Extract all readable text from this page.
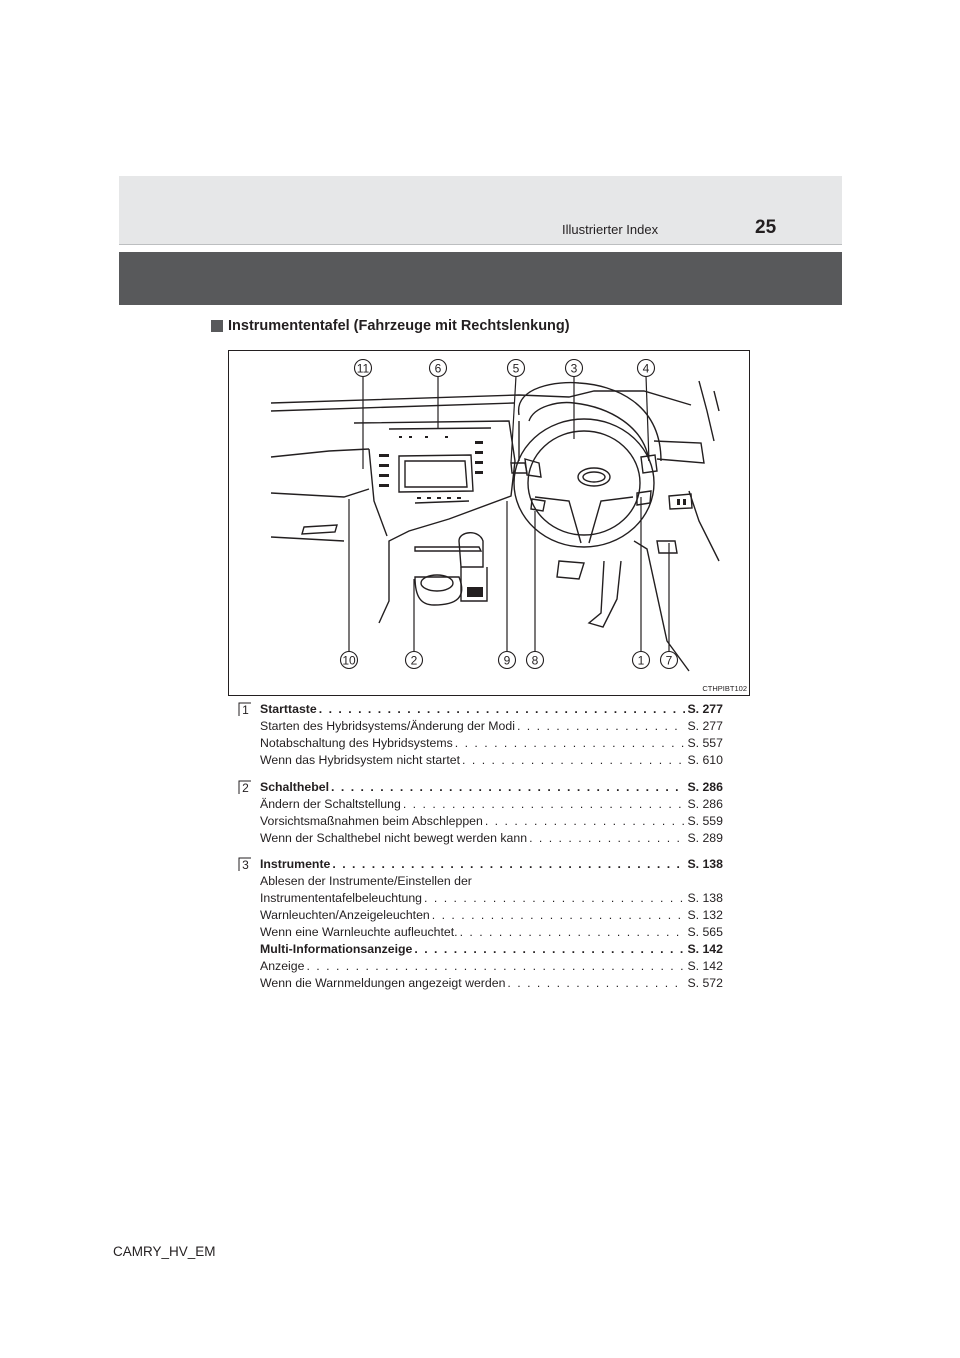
Illustrierter Index	25
Instrumententafel (Fahrzeuge mit Rechtslenkung)
11	6	5	3	4
10	2	9 8	1 7
CTHPIBT102
1 Starttaste . . .	S. 277
Starten des Hybridsystems/Änderung der Modi . . .	S. 277
Notabschaltung des Hybridsystems . . .	S. 557
Wenn das Hybridsystem nicht startet . . .	S. 610
2 Schalthebel . . .	S. 286
Ändern der Schaltstellung . . .	S. 286
Vorsichtsmaßnahmen beim Abschleppen . . .	S. 559
Wenn der Schalthebel nicht bewegt werden kann . . .	S. 289
3 Instrumente . . .	S. 138
Ablesen der Instrumente/Einstellen der
Instrumententafelbeleuchtung . . .	S. 138
Warnleuchten/Anzeigeleuchten . . .	S. 132
Wenn eine Warnleuchte aufleuchtet. . . .	S. 565
Multi-Informationsanzeige . . .	S. 142
Anzeige . . .	S. 142
Wenn die Warnmeldungen angezeigt werden . . .	S. 572
CAMRY_HV_EM
